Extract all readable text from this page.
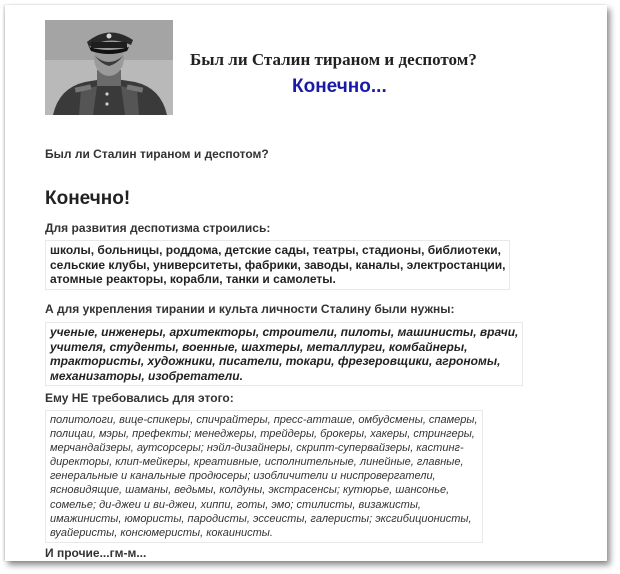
Был ли Сталин тираном и деспотом?
Конечно...
Был ли Сталин тираном и деспотом?
Конечно!
Для развития деспотизма строились:
школы, больницы, роддома, детские сады, театры, стадионы, библиотеки,
сельские клубы, университеты, фабрики, заводы, каналы, электростанции,
атомные реакторы, корабли, танки и самолеты.
А для укрепления тирании и культа личности Сталину были нужны:
ученые, инженеры, архитекторы, строители, пилоты, машинисты, врачи,
учителя, студенты, военные, шахтеры, металлурги, комбайнеры,
трактористы, художники, писатели, токари, фрезеровщики, агрономы,
механизаторы, изобретатели.
Ему НЕ требовались для этого:
политологи, вице-спикеры, спичрайтеры, пресс-атташе, омбудсмены, спамеры,
полицаи, мэры, префекты; менеджеры, трейдеры, брокеры, хакеры, стрингеры,
мерчандайзеры, аутсорсеры; нэйл-дизайнеры, скрипт-супервайзеры, кастинг-
директоры, клип-мейкеры, креативные, исполнительные, линейные, главные,
генеральные и канальные продюсеры; изобличители и ниспровергатели,
ясновидящие, шаманы, ведьмы, колдуны, экстрасенсы; кутюрье, шансонье,
сомелье; ди-джеи и ви-джеи, хиппи, готы, эмо; стилисты, визажисты,
имажинисты, юмористы, пародисты, эссеисты, галеристы; эксгибиционисты,
вуайеристы, консюмеристы, кокаинисты.
И прочие...гм-м...
